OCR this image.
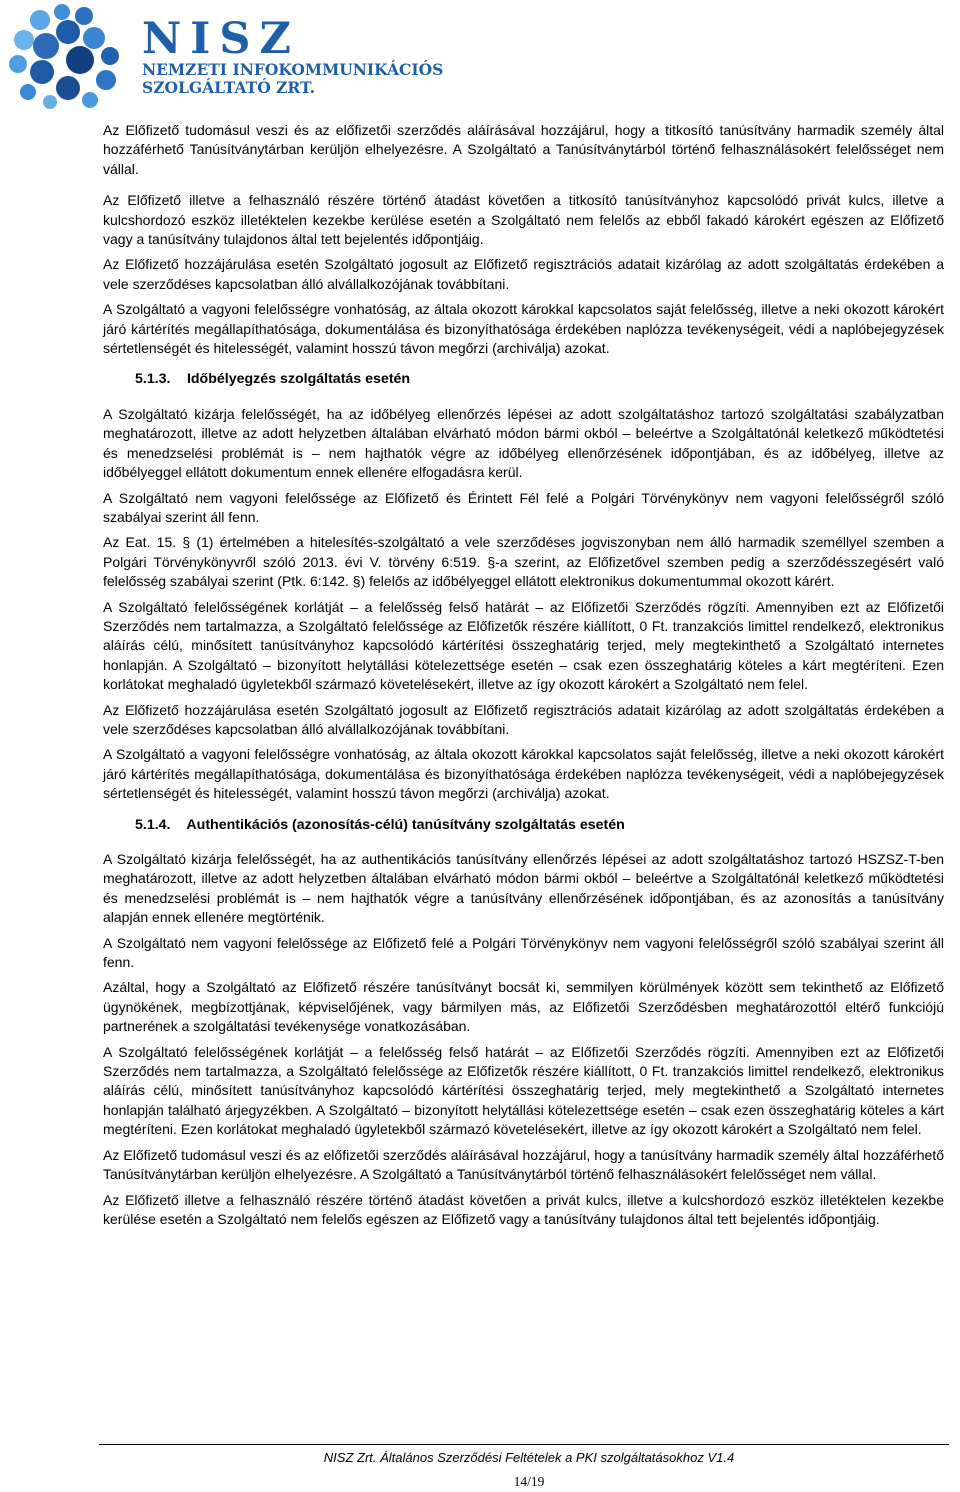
NISZ
NEMZETI INFOKOMMUNIKÁCIÓS
SZOLGÁLTATÓ ZRT.

Az Előfizető tudomásul veszi és az előfizetői szerződés aláírásával hozzájárul, hogy a titkosító tanúsítvány harmadik személy által hozzáférhető Tanúsítványtárban kerüljön elhelyezésre. A Szolgáltató a Tanúsítványtárból történő felhasználásokért felelősséget nem vállal.

Az Előfizető illetve a felhasználó részére történő átadást követően a titkosító tanúsítványhoz kapcsolódó privát kulcs, illetve a kulcshordozó eszköz illetéktelen kezekbe kerülése esetén a Szolgáltató nem felelős az ebből fakadó károkért egészen az Előfizető vagy a tanúsítvány tulajdonos által tett bejelentés időpontjáig.

Az Előfizető hozzájárulása esetén Szolgáltató jogosult az Előfizető regisztrációs adatait kizárólag az adott szolgáltatás érdekében a vele szerződéses kapcsolatban álló alvállalkozójának továbbítani.

A Szolgáltató a vagyoni felelősségre vonhatóság, az általa okozott károkkal kapcsolatos saját felelősség, illetve a neki okozott károkért járó kártérítés megállapíthatósága, dokumentálása és bizonyíthatósága érdekében naplózza tevékenységeit, védi a naplóbejegyzések sértetlenségét és hitelességét, valamint hosszú távon megőrzi (archiválja) azokat.

5.1.3. Időbélyegzés szolgáltatás esetén

A Szolgáltató kizárja felelősségét, ha az időbélyeg ellenőrzés lépései az adott szolgáltatáshoz tartozó szolgáltatási szabályzatban meghatározott, illetve az adott helyzetben általában elvárható módon bármi okból – beleértve a Szolgáltatónál keletkező működtetési és menedzselési problémát is – nem hajthatók végre az időbélyeg ellenőrzésének időpontjában, és az időbélyeg, illetve az időbélyeggel ellátott dokumentum ennek ellenére elfogadásra kerül.

A Szolgáltató nem vagyoni felelőssége az Előfizető és Érintett Fél felé a Polgári Törvénykönyv nem vagyoni felelősségről szóló szabályai szerint áll fenn.

Az Eat. 15. § (1) értelmében a hitelesítés-szolgáltató a vele szerződéses jogviszonyban nem álló harmadik személlyel szemben a Polgári Törvénykönyvről szóló 2013. évi V. törvény 6:519. §-a szerint, az Előfizetővel szemben pedig a szerződésszegésért való felelősség szabályai szerint (Ptk. 6:142. §) felelős az időbélyeggel ellátott elektronikus dokumentummal okozott kárért.

A Szolgáltató felelősségének korlátját – a felelősség felső határát – az Előfizetői Szerződés rögzíti. Amennyiben ezt az Előfizetői Szerződés nem tartalmazza, a Szolgáltató felelőssége az Előfizetők részére kiállított, 0 Ft. tranzakciós limittel rendelkező, elektronikus aláírás célú, minősített tanúsítványhoz kapcsolódó kártérítési összeghatárig terjed, mely megtekinthető a Szolgáltató internetes honlapján. A Szolgáltató – bizonyított helytállási kötelezettsége esetén – csak ezen összeghatárig köteles a kárt megtéríteni. Ezen korlátokat meghaladó ügyletekből származó követelésekért, illetve az így okozott károkért a Szolgáltató nem felel.

Az Előfizető hozzájárulása esetén Szolgáltató jogosult az Előfizető regisztrációs adatait kizárólag az adott szolgáltatás érdekében a vele szerződéses kapcsolatban álló alvállalkozójának továbbítani.

A Szolgáltató a vagyoni felelősségre vonhatóság, az általa okozott károkkal kapcsolatos saját felelősség, illetve a neki okozott károkért járó kártérítés megállapíthatósága, dokumentálása és bizonyíthatósága érdekében naplózza tevékenységeit, védi a naplóbejegyzések sértetlenségét és hitelességét, valamint hosszú távon megőrzi (archiválja) azokat.

5.1.4. Authentikációs (azonosítás-célú) tanúsítvány szolgáltatás esetén

A Szolgáltató kizárja felelősségét, ha az authentikációs tanúsítvány ellenőrzés lépései az adott szolgáltatáshoz tartozó HSZSZ-T-ben meghatározott, illetve az adott helyzetben általában elvárható módon bármi okból – beleértve a Szolgáltatónál keletkező működtetési és menedzselési problémát is – nem hajthatók végre a tanúsítvány ellenőrzésének időpontjában, és az azonosítás a tanúsítvány alapján ennek ellenére megtörténik.

A Szolgáltató nem vagyoni felelőssége az Előfizető felé a Polgári Törvénykönyv nem vagyoni felelősségről szóló szabályai szerint áll fenn.

Azáltal, hogy a Szolgáltató az Előfizető részére tanúsítványt bocsát ki, semmilyen körülmények között sem tekinthető az Előfizető ügynökének, megbízottjának, képviselőjének, vagy bármilyen más, az Előfizetői Szerződésben meghatározottól eltérő funkciójú partnerének a szolgáltatási tevékenysége vonatkozásában.

A Szolgáltató felelősségének korlátját – a felelősség felső határát – az Előfizetői Szerződés rögzíti. Amennyiben ezt az Előfizetői Szerződés nem tartalmazza, a Szolgáltató felelőssége az Előfizetők részére kiállított, 0 Ft. tranzakciós limittel rendelkező, elektronikus aláírás célú, minősített tanúsítványhoz kapcsolódó kártérítési összeghatárig terjed, mely megtekinthető a Szolgáltató internetes honlapján található árjegyzékben. A Szolgáltató – bizonyított helytállási kötelezettsége esetén – csak ezen összeghatárig köteles a kárt megtéríteni. Ezen korlátokat meghaladó ügyletekből származó követelésekért, illetve az így okozott károkért a Szolgáltató nem felel.

Az Előfizető tudomásul veszi és az előfizetői szerződés aláírásával hozzájárul, hogy a tanúsítvány harmadik személy által hozzáférhető Tanúsítványtárban kerüljön elhelyezésre. A Szolgáltató a Tanúsítványtárból történő felhasználásokért felelősséget nem vállal.

Az Előfizető illetve a felhasználó részére történő átadást követően a privát kulcs, illetve a kulcshordozó eszköz illetéktelen kezekbe kerülése esetén a Szolgáltató nem felelős egészen az Előfizető vagy a tanúsítvány tulajdonos által tett bejelentés időpontjáig.

NISZ Zrt. Általános Szerződési Feltételek a PKI szolgáltatásokhoz V1.4
14/19
